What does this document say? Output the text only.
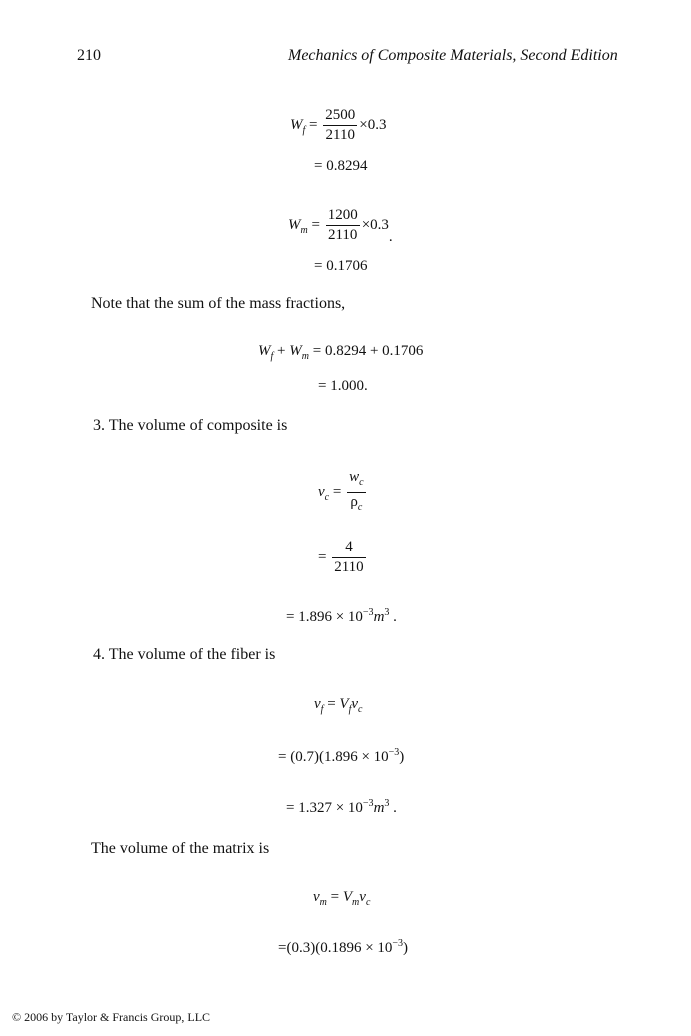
210	Mechanics of Composite Materials, Second Edition
$W_f = \frac{2500}{2110} \times 0.3$
= 0.8294
$W_m = \frac{1200}{2110} \times 0.3$.
= 0.1706
Note that the sum of the mass fractions,
$W_f + W_m = 0.8294 + 0.1706$
= 1.000.
3. The volume of composite is
$v_c = \frac{w_c}{\rho_c}$
= $\frac{4}{2110}$
= $1.896 \times 10^{-3}m^3$ .
4. The volume of the fiber is
$v_f = V_fv_c$
= $(0.7)(1.896 \times 10^{-3})$
= $1.327 \times 10^{-3}m^3$ .
The volume of the matrix is
$v_m = V_mv_c$
$=(0.3)(0.1896 \times 10^{-3})$
© 2006 by Taylor & Francis Group, LLC
